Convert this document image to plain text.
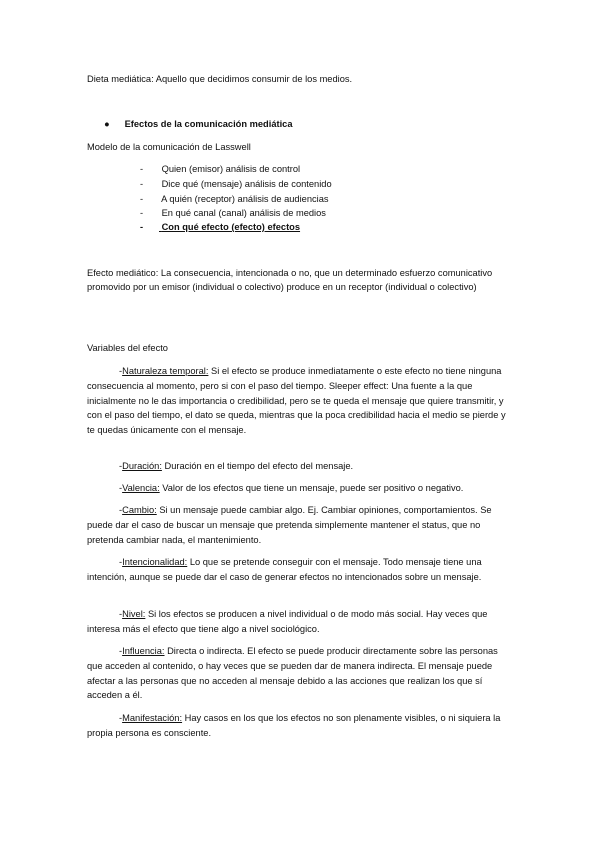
Dieta mediática: Aquello que decidimos consumir de los medios.
● Efectos de la comunicación mediática
Modelo de la comunicación de Lasswell
- Quien (emisor) análisis de control
- Dice qué (mensaje) análisis de contenido
- A quién (receptor) análisis de audiencias
- En qué canal (canal) análisis de medios
- Con qué efecto (efecto) efectos
Efecto mediático: La consecuencia, intencionada o no, que un determinado esfuerzo comunicativo promovido por un emisor (individual o colectivo) produce en un receptor (individual o colectivo)
Variables del efecto
-Naturaleza temporal: Si el efecto se produce inmediatamente o este efecto no tiene ninguna consecuencia al momento, pero si con el paso del tiempo. Sleeper effect: Una fuente a la que inicialmente no le das importancia o credibilidad, pero se te queda el mensaje que quiere transmitir, y con el paso del tiempo, el dato se queda, mientras que la poca credibilidad hacia el medio se pierde y te quedas únicamente con el mensaje.
-Duración: Duración en el tiempo del efecto del mensaje.
-Valencia: Valor de los efectos que tiene un mensaje, puede ser positivo o negativo.
-Cambio: Si un mensaje puede cambiar algo. Ej. Cambiar opiniones, comportamientos. Se puede dar el caso de buscar un mensaje que pretenda simplemente mantener el status, que no pretenda cambiar nada, el mantenimiento.
-Intencionalidad: Lo que se pretende conseguir con el mensaje. Todo mensaje tiene una intención, aunque se puede dar el caso de generar efectos no intencionados sobre un mensaje.
-Nivel: Si los efectos se producen a nivel individual o de modo más social. Hay veces que interesa más el efecto que tiene algo a nivel sociológico.
-Influencia: Directa o indirecta. El efecto se puede producir directamente sobre las personas que acceden al contenido, o hay veces que se pueden dar de manera indirecta. El mensaje puede afectar a las personas que no acceden al mensaje debido a las acciones que realizan los que sí acceden a él.
-Manifestación: Hay casos en los que los efectos no son plenamente visibles, o ni siquiera la propia persona es consciente.
